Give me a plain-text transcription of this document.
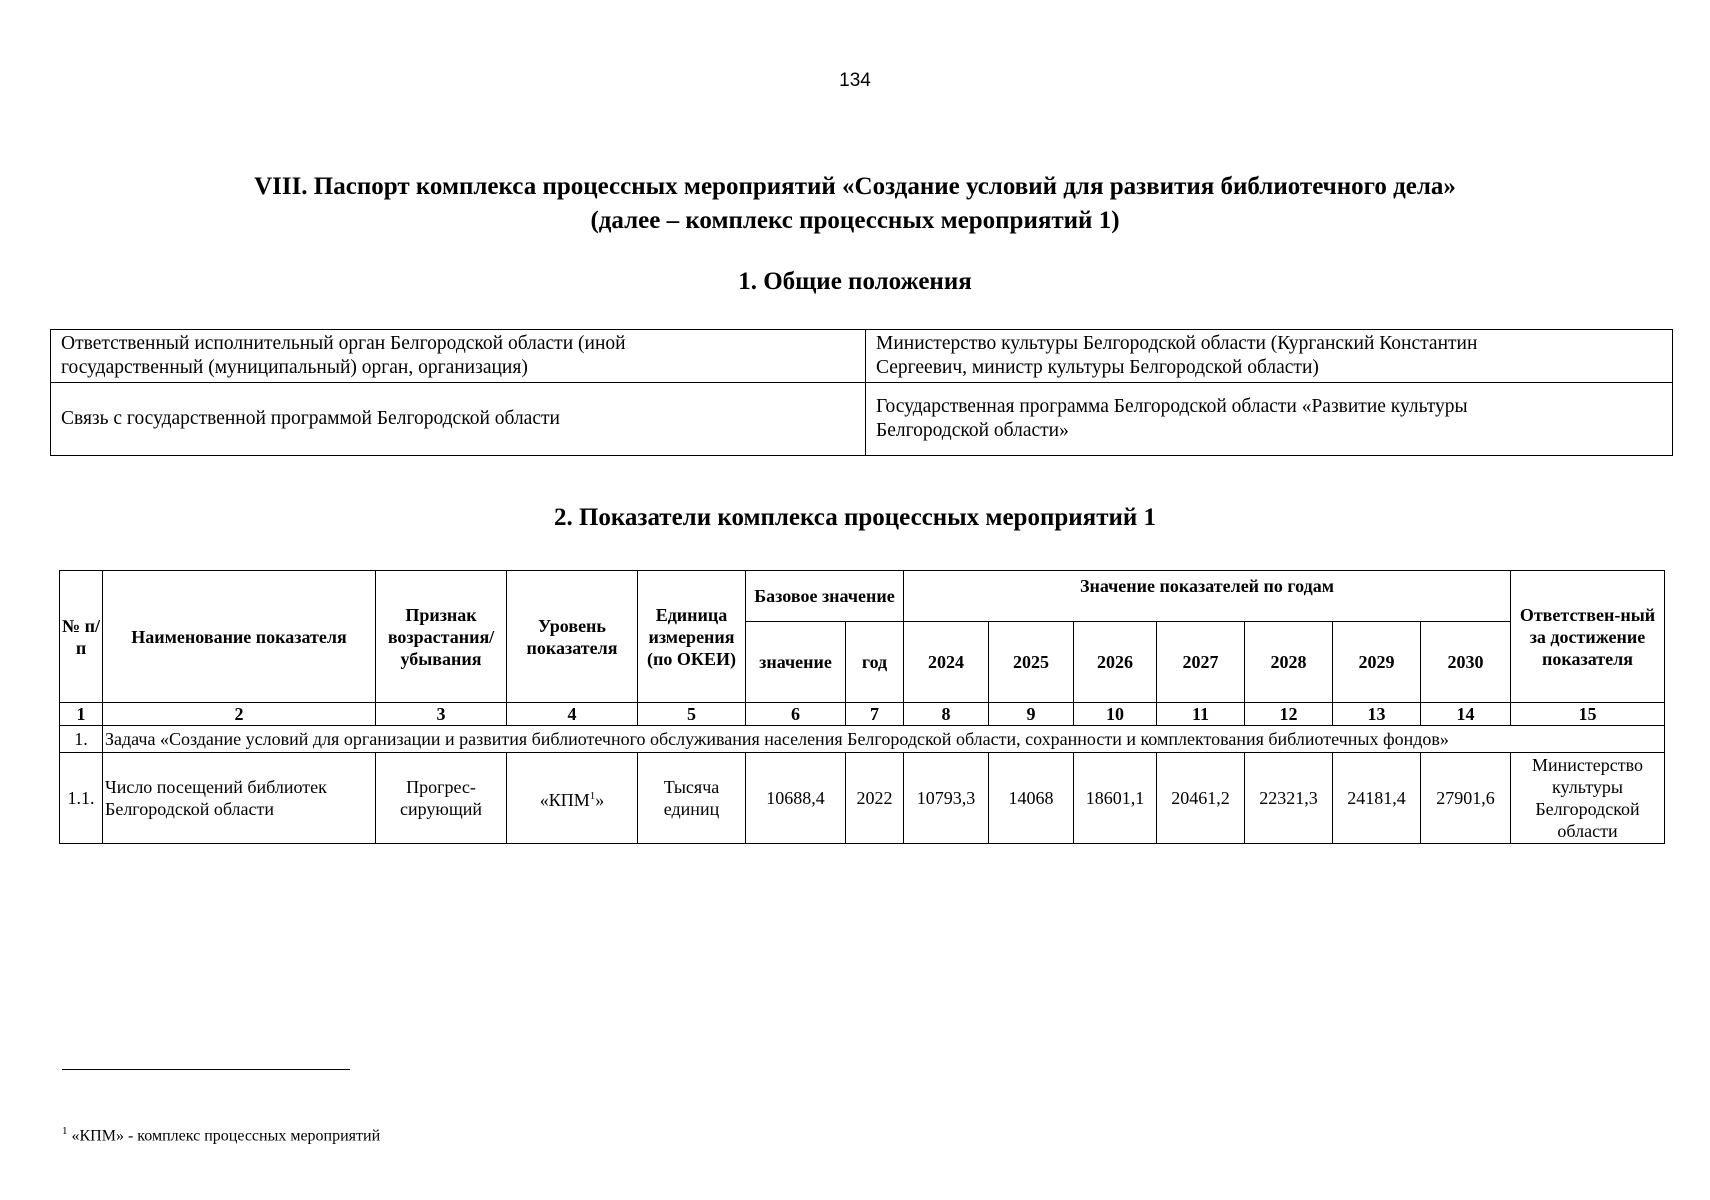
134
VIII. Паспорт комплекса процессных мероприятий «Создание условий для развития библиотечного дела»
(далее – комплекс процессных мероприятий 1)
1. Общие положения
Ответственный исполнительный орган Белгородской области (иной
государственный (муниципальный) орган, организация)	Министерство культуры Белгородской области (Курганский Константин
Сергеевич, министр культуры Белгородской области)
Связь с государственной программой Белгородской области	Государственная программа Белгородской области «Развитие культуры
Белгородской области»
2. Показатели комплекса процессных мероприятий 1
№ п/п	Наименование показателя	Признак возрастания/ убывания	Уровень показателя	Единица измерения (по ОКЕИ)	Базовое значение		Значение показателей по годам							Ответствен-ный за достижение показателя
					значение	год	2024	2025	2026	2027	2028	2029	2030	
1	2	3	4	5	6	7	8	9	10	11	12	13	14	15
1.	Задача «Создание условий для организации и развития библиотечного обслуживания населения Белгородской области, сохранности и комплектования библиотечных фондов»													
1.1.	Число посещений библиотек Белгородской области	Прогрес-сирующий	«КПМ$^1$»	Тысяча единиц	10688,4	2022	10793,3	14068	18601,1	20461,2	22321,3	24181,4	27901,6	Министерство культуры Белгородской области
$^1$ «КПМ» - комплекс процессных мероприятий
